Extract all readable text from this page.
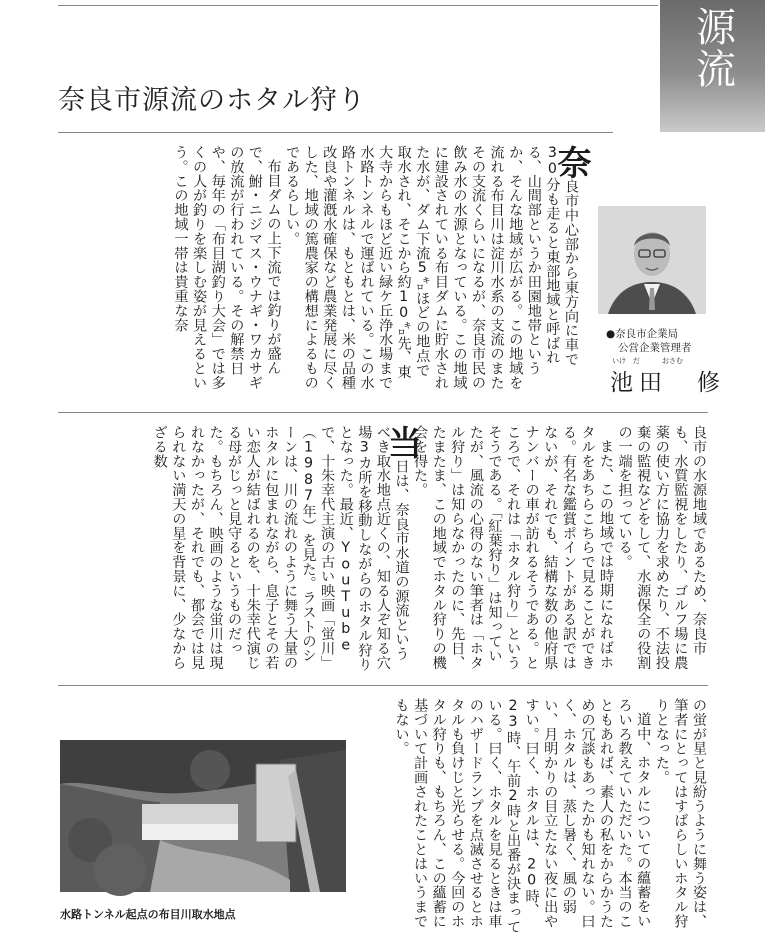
源流
奈良市源流のホタル狩り

奈良市中心部から東方向に車で30分も走ると東部地域と呼ばれる、山間部というか田園地帯というか、そんな地域が広がる。この地域を流れる布目川は淀川水系の支流のまたその支流くらいになるが、奈良市民の飲み水の水源となっている。この地域に建設されている布目ダムに貯水された水が、ダム下流5㌔ほどの地点で取水され、そこから約10㌔先、東大寺からもほど近い緑ケ丘浄水場まで水路トンネルで運ばれている。この水路トンネルは、もともとは、米の品種改良や灌漑水確保など農業発展に尽くした、地域の篤農家の構想によるものであるらしい。

布目ダムの上下流では釣りが盛んで、鮒・ニジマス・ウナギ・ワカサギの放流が行われている。その解禁日や、毎年の「布目湖釣り大会」では多くの人が釣りを楽しむ姿が見えるという。この地域一帯は貴重な奈

●奈良市企業局
公営企業管理者
いけ　だ	おさむ
池田　修

良市の水源地域であるため、奈良市も、水質監視をしたり、ゴルフ場に農薬の使い方に協力を求めたり、不法投棄の監視などをして、水源保全の役割の一端を担っている。

また、この地域では時期になればホタルをあちらこちらで見ることができる。有名な鑑賞ポイントがある訳ではないが、それでも、結構な数の他府県ナンバーの車が訪れるそうである。ところで、それは「ホタル狩り」というそうである。「紅葉狩り」は知っていたが、風流の心得のない筆者は「ホタル狩り」は知らなかったのに、先日、たまたま、この地域でホタル狩りの機会を得た。

当日は、奈良市水道の源流というべき取水地点近くの、知る人ぞ知る穴場3カ所を移動しながらのホタル狩りとなった。最近、YouTubeで、十朱幸代主演の古い映画「蛍川」（1987年）を見た。ラストのシーンは、川の流れのように舞う大量のホタルに包まれながら、息子とその若い恋人が結ばれるのを、十朱幸代演じる母がじっと見守るというものだった。もちろん、映画のような蛍川は現れなかったが、それでも、都会では見られない満天の星を背景に、少なからざる数

の蛍が星と見紛うように舞う姿は、筆者にとってはすばらしいホタル狩りとなった。

道中、ホタルについての蘊蓄をいろいろ教えていただいた。本当のこともあれば、素人の私をからかうための冗談もあったかも知れない。曰く、ホタルは、蒸し暑く、風の弱い、月明かりの目立たない夜に出やすい。曰く、ホタルは、20時、23時、午前2時と出番が決まっている。曰く、ホタルを見るときは車のハザードランプを点滅させるとホタルも負けじと光らせる。今回のホタル狩りも、もちろん、この蘊蓄に基づいて計画されたことはいうまでもない。

水路トンネル起点の布目川取水地点
